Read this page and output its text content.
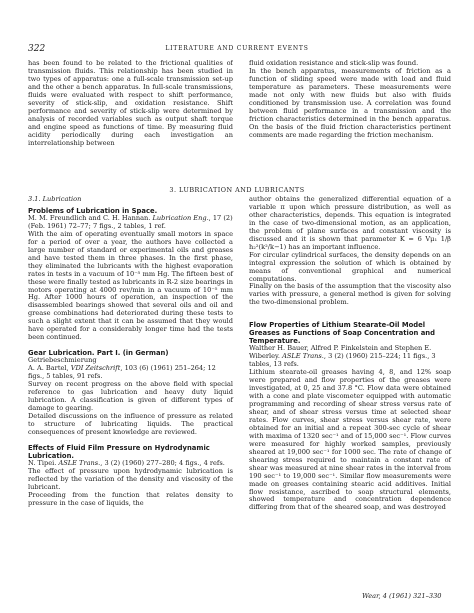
322	LITERATURE AND CURRENT EVENTS

has been found to be related to the frictional qualities of transmission fluids. This relationship has been studied in two types of apparatus: one a full-scale transmission set-up and the other a bench apparatus. In full-scale transmissions, fluids were evaluated with respect to shift performance, severity of stick-slip, and oxidation resistance. Shift performance and severity of stick-slip were determined by analysis of recorded variables such as output shaft torque and engine speed as functions of time. By measuring fluid acidity periodically during each investigation an interrelationship between

fluid oxidation resistance and stick-slip was found.

In the bench apparatus, measurements of friction as a function of sliding speed were made with load and fluid temperature as parameters. These measurements were made not only with new fluids but also with fluids conditioned by transmission use. A correlation was found between fluid performance in a transmission and the friction characteristics determined in the bench apparatus. On the basis of the fluid friction characteristics pertinent comments are made regarding the friction mechanism.

3. LUBRICATION AND LUBRICANTS

3.1. Lubrication

Problems of Lubrication in Space.

M. M. Freundlich and C. H. Hannan. Lubrication Eng., 17 (2) (Feb. 1961) 72–77; 7 figs., 2 tables, 1 ref.

With the aim of operating eventually small motors in space for a period of over a year, the authors have collected a large number of standard or experimental oils and greases and have tested them in three phases. In the first phase, they eliminated the lubricants with the highest evaporation rates in tests in a vacuum of 10⁻⁵ mm Hg. The fifteen best of these were finally tested as lubricants in R-2 size bearings in motors operating at 4000 rev/min in a vacuum of 10⁻⁵ mm Hg. After 1000 hours of operation, an inspection of the disassembled bearings showed that several oils and oil and grease combinations had deteriorated during these tests to such a slight extent that it can be assumed that they would have operated for a considerably longer time had the tests been continued.

Gear Lubrication. Part I. (in German)

Getriebeschmierung

A. A. Bartel, VDI Zeitschrift, 103 (6) (1961) 251–264; 12 figs., 5 tables, 91 refs.

Survey on recent progress on the above field with special reference to gas lubrication and heavy duty liquid lubrication. A classification is given of different types of damage to gearing.

Detailed discussions on the influence of pressure as related to structure of lubricating liquids. The practical consequences of present knowledge are reviewed.

Effects of Fluid Film Pressure on Hydrodynamic Lubrication.

N. Tipei. ASLE Trans., 3 (2) (1960) 277–280; 4 figs., 4 refs.

The effect of pressure upon hydrodynamic lubrication is reflected by the variation of the density and viscosity of the lubricant.

Proceeding from the function that relates density to pressure in the case of liquids, the

author obtains the generalized differential equation of a variable π upon which pressure distribution, as well as other characteristics, depends. This equation is integrated in the case of two-dimensional motion, as an application, the problem of plane surfaces and constant viscosity is discussed and it is shown that parameter K = 6 Vμ₁ 1/β h₂²(k²/k−1) has an important influence.

For circular cylindrical surfaces, the density depends on an integral expression the solution of which is obtained by means of conventional graphical and numerical computations.

Finally on the basis of the assumption that the viscosity also varies with pressure, a general method is given for solving the two-dimensional problem.

Flow Properties of Lithium Stearate-Oil Model Greases as Functions of Soap Concentration and Temperature.

Walther H. Bauer, Alfred P. Finkelstein and Stephen E. Wiberley. ASLE Trans., 3 (2) (1960) 215–224; 11 figs., 3 tables, 13 refs.

Lithium stearate-oil greases having 4, 8, and 12% soap were prepared and flow properties of the greases were investigated, at 0, 25 and 37.8 °C. Flow data were obtained with a cone and plate viscometer equipped with automatic programming and recording of shear stress versus rate of shear, and of shear stress versus time at selected shear rates. Flow curves, shear stress versus shear rate, were obtained for an initial and a repeat 300-sec cycle of shear with maxima of 1320 sec⁻¹ and of 15,000 sec⁻¹. Flow curves were measured for highly worked samples, previously sheared at 19,000 sec⁻¹ for 1000 sec. The rate of change of shearing stress required to maintain a constant rate of shear was measured at nine shear rates in the interval from 190 sec⁻¹ to 19,000 sec⁻¹. Similar flow measurements were made on greases containing stearic acid additives. Initial flow resistance, ascribed to soap structural elements, showed temperature and concentration dependence differing from that of the sheared soap, and was destroyed

Wear, 4 (1961) 321–330
